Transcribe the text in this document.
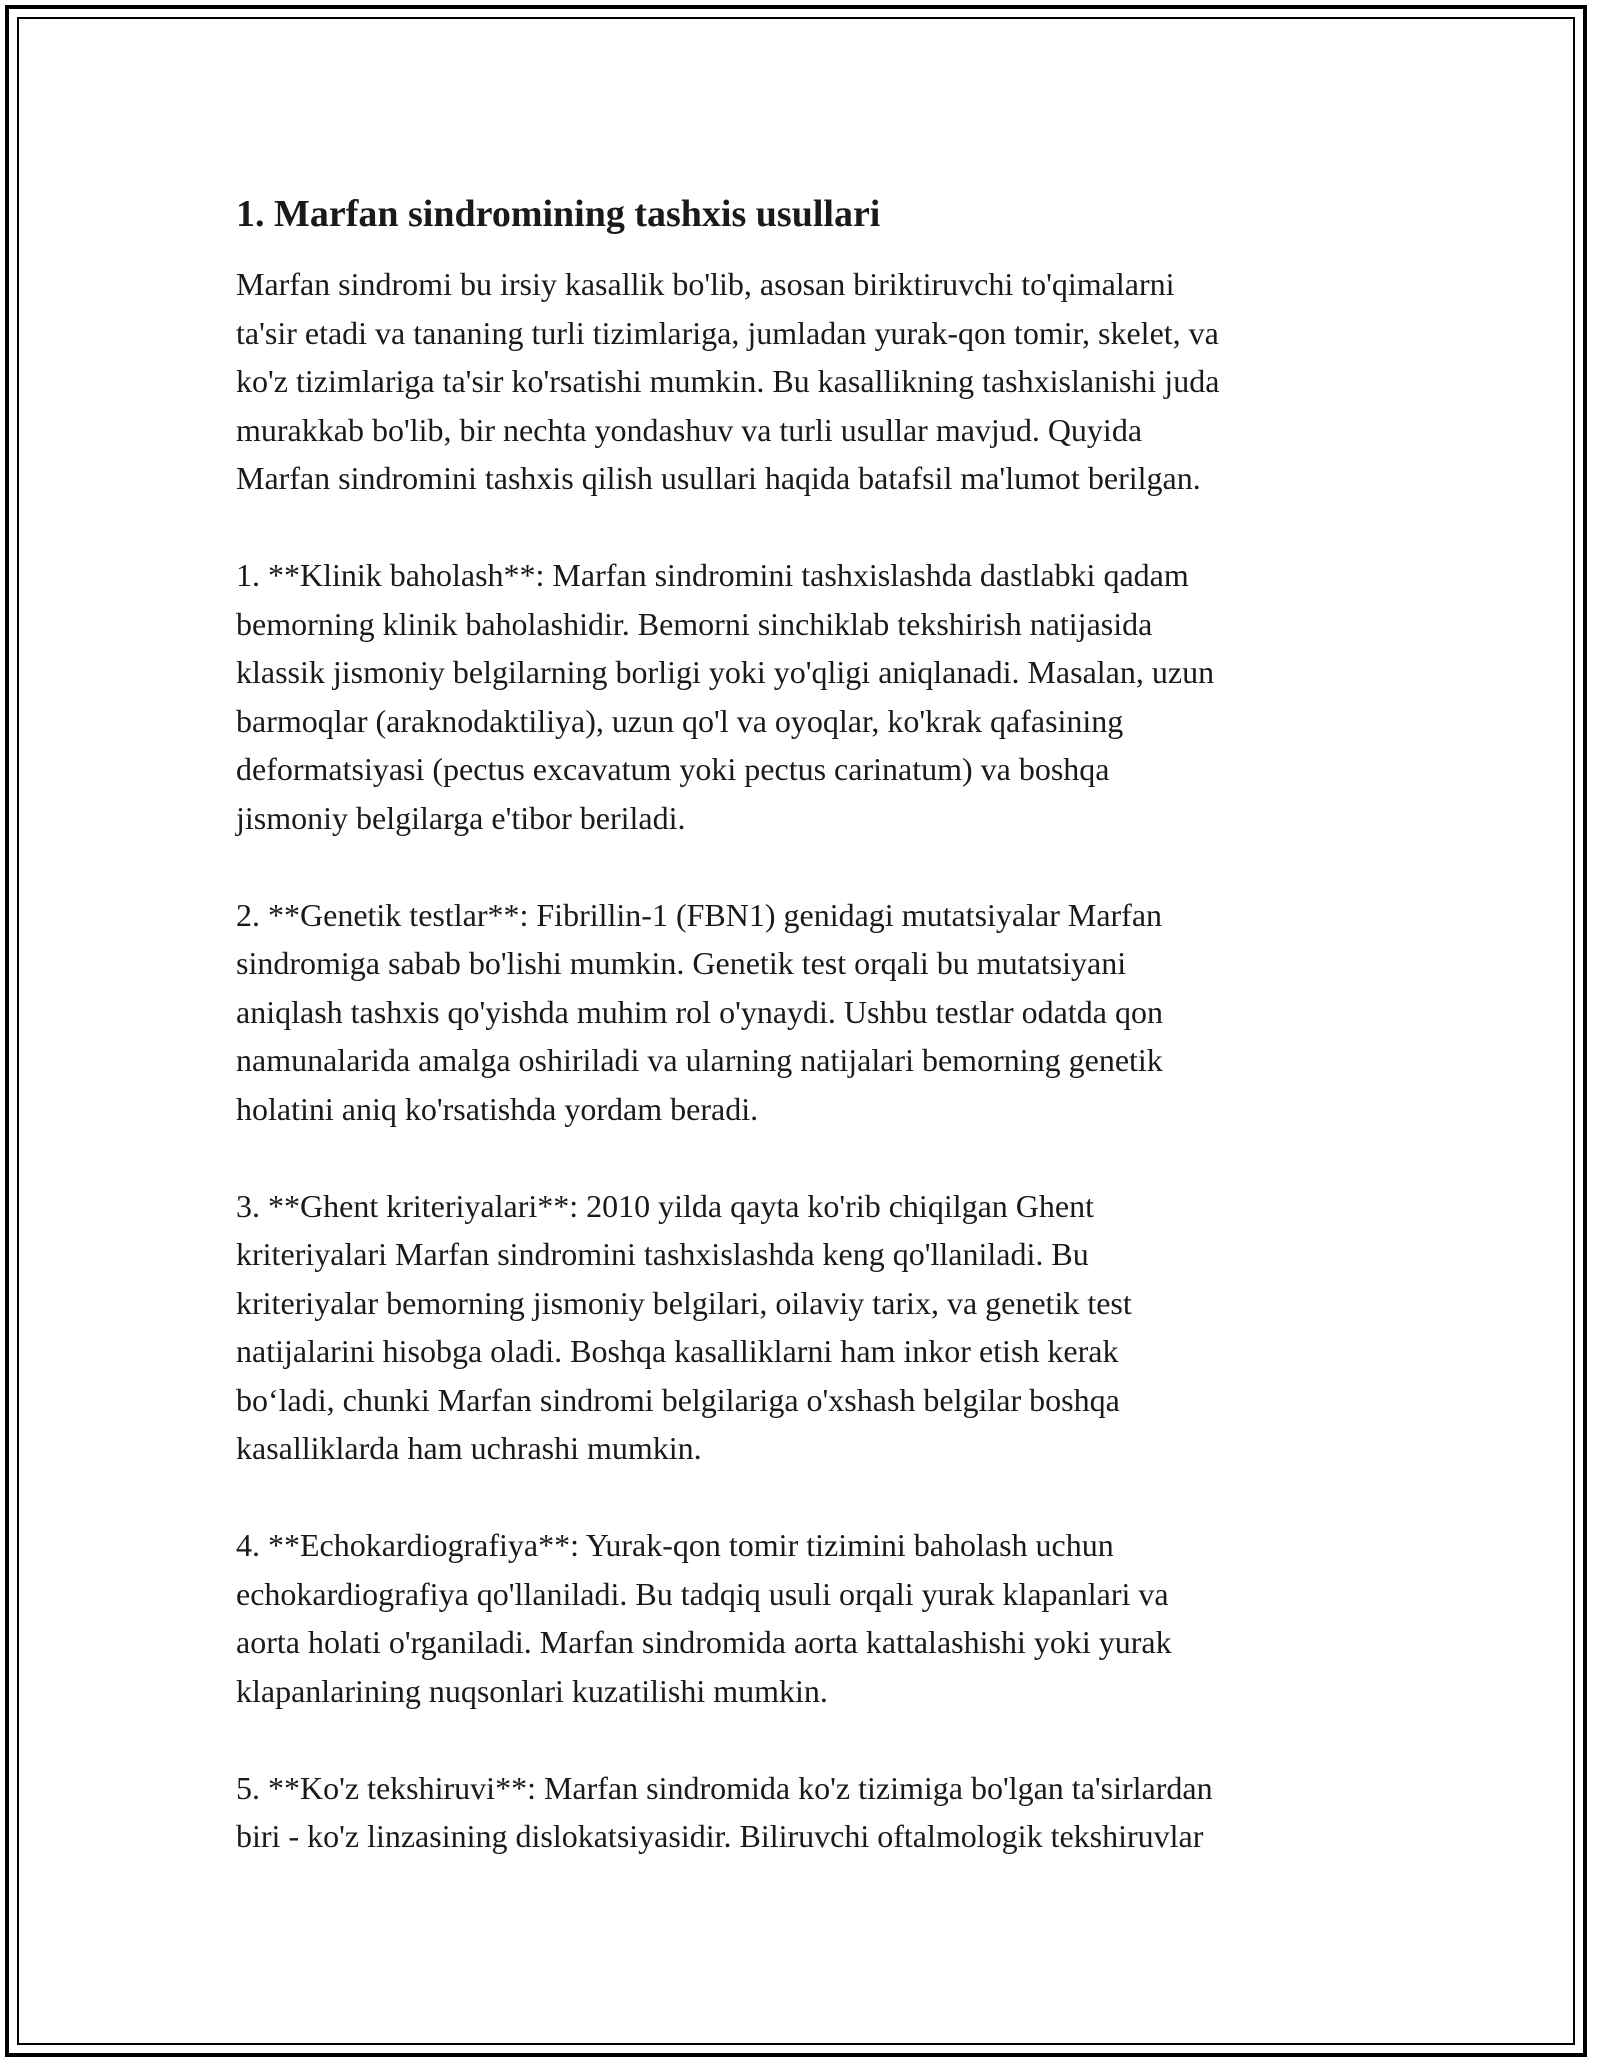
1. Marfan sindromining tashxis usullari

Marfan sindromi bu irsiy kasallik bo'lib, asosan biriktiruvchi to'qimalarni
ta'sir etadi va tananing turli tizimlariga, jumladan yurak-qon tomir, skelet, va
ko'z tizimlariga ta'sir ko'rsatishi mumkin. Bu kasallikning tashxislanishi juda
murakkab bo'lib, bir nechta yondashuv va turli usullar mavjud. Quyida
Marfan sindromini tashxis qilish usullari haqida batafsil ma'lumot berilgan.

1. **Klinik baholash**: Marfan sindromini tashxislashda dastlabki qadam
bemorning klinik baholashidir. Bemorni sinchiklab tekshirish natijasida
klassik jismoniy belgilarning borligi yoki yo'qligi aniqlanadi. Masalan, uzun
barmoqlar (araknodaktiliya), uzun qo'l va oyoqlar, ko'krak qafasining
deformatsiyasi (pectus excavatum yoki pectus carinatum) va boshqa
jismoniy belgilarga e'tibor beriladi.

2. **Genetik testlar**: Fibrillin-1 (FBN1) genidagi mutatsiyalar Marfan
sindromiga sabab bo'lishi mumkin. Genetik test orqali bu mutatsiyani
aniqlash tashxis qo'yishda muhim rol o'ynaydi. Ushbu testlar odatda qon
namunalarida amalga oshiriladi va ularning natijalari bemorning genetik
holatini aniq ko'rsatishda yordam beradi.

3. **Ghent kriteriyalari**: 2010 yilda qayta ko'rib chiqilgan Ghent
kriteriyalari Marfan sindromini tashxislashda keng qo'llaniladi. Bu
kriteriyalar bemorning jismoniy belgilari, oilaviy tarix, va genetik test
natijalarini hisobga oladi. Boshqa kasalliklarni ham inkor etish kerak
bo‘ladi, chunki Marfan sindromi belgilariga o'xshash belgilar boshqa
kasalliklarda ham uchrashi mumkin.

4. **Echokardiografiya**: Yurak-qon tomir tizimini baholash uchun
echokardiografiya qo'llaniladi. Bu tadqiq usuli orqali yurak klapanlari va
aorta holati o'rganiladi. Marfan sindromida aorta kattalashishi yoki yurak
klapanlarining nuqsonlari kuzatilishi mumkin.

5. **Ko'z tekshiruvi**: Marfan sindromida ko'z tizimiga bo'lgan ta'sirlardan
biri - ko'z linzasining dislokatsiyasidir. Biliruvchi oftalmologik tekshiruvlar
